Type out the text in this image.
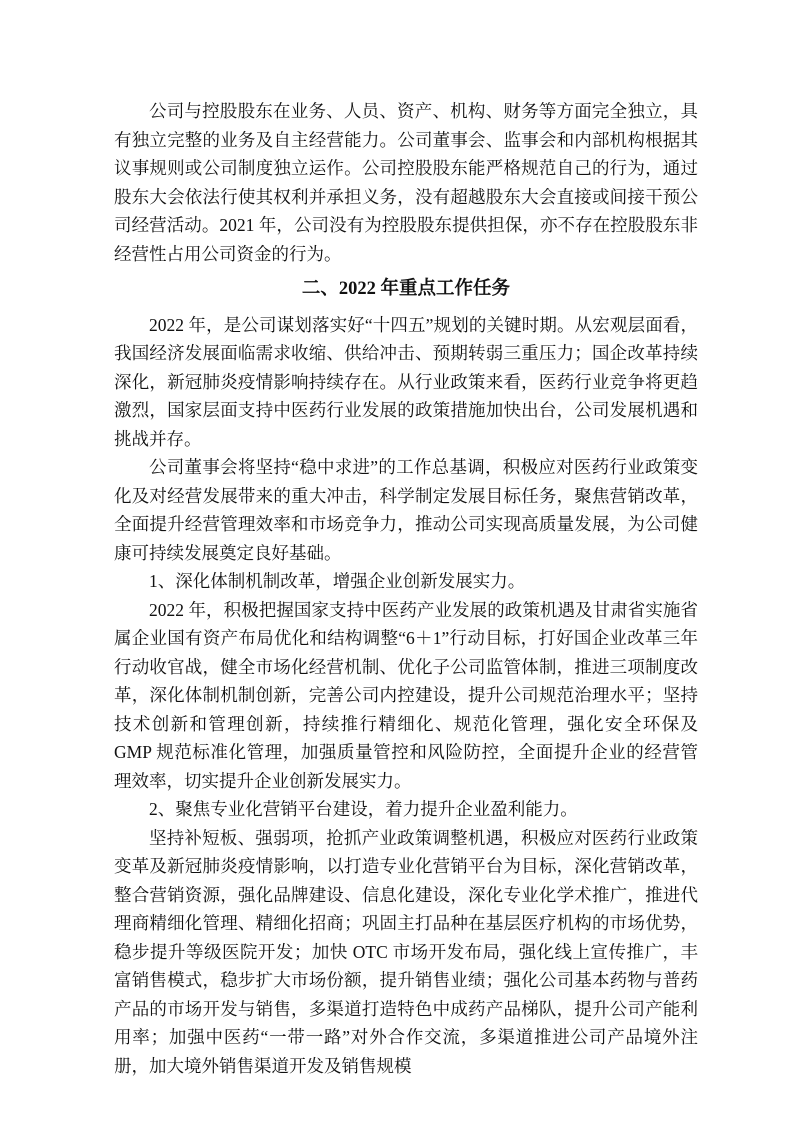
公司与控股股东在业务、人员、资产、机构、财务等方面完全独立，具有独立完整的业务及自主经营能力。公司董事会、监事会和内部机构根据其议事规则或公司制度独立运作。公司控股股东能严格规范自己的行为，通过股东大会依法行使其权利并承担义务，没有超越股东大会直接或间接干预公司经营活动。2021 年，公司没有为控股股东提供担保，亦不存在控股股东非经营性占用公司资金的行为。

二、2022 年重点工作任务

2022 年，是公司谋划落实好“十四五”规划的关键时期。从宏观层面看，我国经济发展面临需求收缩、供给冲击、预期转弱三重压力；国企改革持续深化，新冠肺炎疫情影响持续存在。从行业政策来看，医药行业竞争将更趋激烈，国家层面支持中医药行业发展的政策措施加快出台，公司发展机遇和挑战并存。

公司董事会将坚持“稳中求进”的工作总基调，积极应对医药行业政策变化及对经营发展带来的重大冲击，科学制定发展目标任务，聚焦营销改革，全面提升经营管理效率和市场竞争力，推动公司实现高质量发展，为公司健康可持续发展奠定良好基础。

1、深化体制机制改革，增强企业创新发展实力。

2022 年，积极把握国家支持中医药产业发展的政策机遇及甘肃省实施省属企业国有资产布局优化和结构调整“6＋1”行动目标，打好国企业改革三年行动收官战，健全市场化经营机制、优化子公司监管体制，推进三项制度改革，深化体制机制创新，完善公司内控建设，提升公司规范治理水平；坚持技术创新和管理创新，持续推行精细化、规范化管理，强化安全环保及 GMP 规范标准化管理，加强质量管控和风险防控，全面提升企业的经营管理效率，切实提升企业创新发展实力。

2、聚焦专业化营销平台建设，着力提升企业盈利能力。

坚持补短板、强弱项，抢抓产业政策调整机遇，积极应对医药行业政策变革及新冠肺炎疫情影响，以打造专业化营销平台为目标，深化营销改革，整合营销资源，强化品牌建设、信息化建设，深化专业化学术推广，推进代理商精细化管理、精细化招商；巩固主打品种在基层医疗机构的市场优势，稳步提升等级医院开发；加快 OTC 市场开发布局，强化线上宣传推广，丰富销售模式，稳步扩大市场份额，提升销售业绩；强化公司基本药物与普药产品的市场开发与销售，多渠道打造特色中成药产品梯队，提升公司产能利用率；加强中医药“一带一路”对外合作交流，多渠道推进公司产品境外注册，加大境外销售渠道开发及销售规模
